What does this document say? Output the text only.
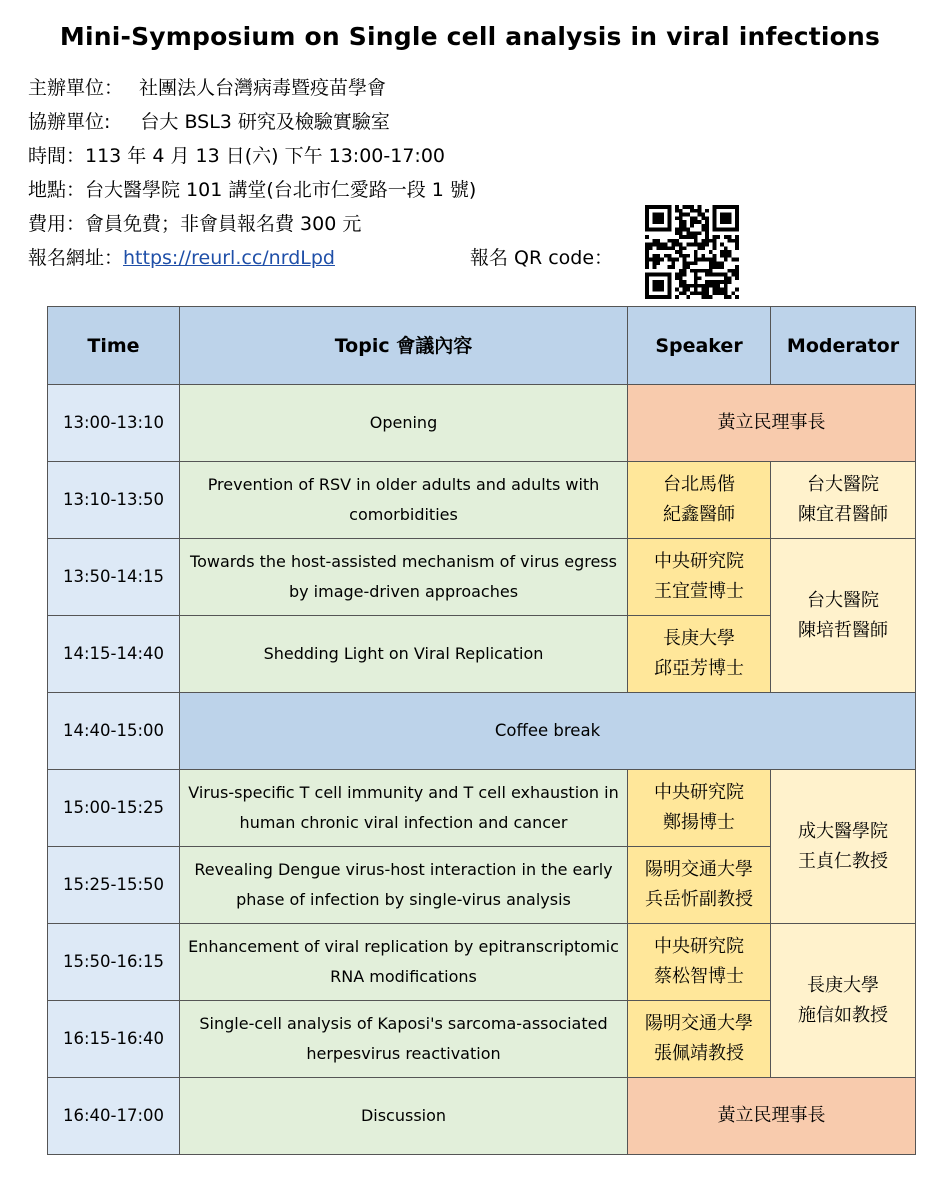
Mini-Symposium on Single cell analysis in viral infections
主辦單位： 社團法人台灣病毒暨疫苗學會
協辦單位: 台大 BSL3 研究及檢驗實驗室
時間：113 年 4 月 13 日(六) 下午 13:00-17:00
地點：台大醫學院 101 講堂(台北市仁愛路一段 1 號)
費用：會員免費；非會員報名費 300 元
報名網址：https://reurl.cc/nrdLpd	報名 QR code：
Time	Topic 會議內容	Speaker	Moderator
13:00-13:10	Opening	黃立民理事長	
13:10-13:50	Prevention of RSV in older adults and adults with
comorbidities	台北馬偕
紀鑫醫師	台大醫院
陳宜君醫師

13:50-14:15	Towards the host-assisted mechanism of virus egress
by image-driven approaches	中央研究院
王宜萱博士	台大醫院
陳培哲醫師

14:15-14:40	Shedding Light on Viral Replication	長庚大學
邱亞芳博士	

14:40-15:00	Coffee break		
15:00-15:25	Virus-specific T cell immunity and T cell exhaustion in
human chronic viral infection and cancer	中央研究院
鄭揚博士	成大醫學院
王貞仁教授

15:25-15:50	Revealing Dengue virus-host interaction in the early
phase of infection by single-virus analysis	陽明交通大學
兵岳忻副教授	

15:50-16:15	Enhancement of viral replication by epitranscriptomic
RNA modifications	中央研究院
蔡松智博士	長庚大學
施信如教授

16:15-16:40	Single-cell analysis of Kaposi's sarcoma-associated
herpesvirus reactivation	陽明交通大學
張佩靖教授	

16:40-17:00	Discussion	黃立民理事長	
